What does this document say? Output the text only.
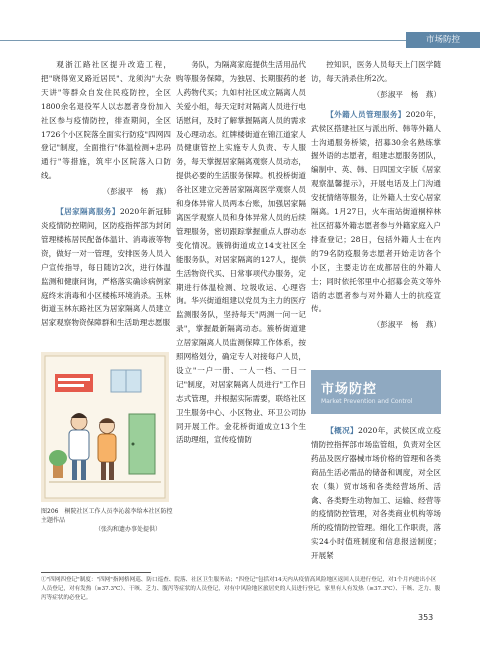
市场防控

观浙江路社区提升改造工程，把"晓得宽叉路近居民"、龙须沟"大杂天讲"等群众自发住民疫防控，全区1800余名退役军人以志愿者身份加入社区参与疫情防控，徘查期间，全区1726个小区院落全面实行防疫"四网四登记"制度，全面推行"体温检测+忠码通行"等措施，筑牢小区院落入口防线。

（彭淑平　杨　燕）

【居家隔离服务】2020年新冠肺炎疫情防控期间，区防疫指挥部为封闭管理楼栋居民配备体温计、消毒液等物资，做好一对一管理，安排医务人员入户宣传指导，每日随访2次，进行体温监测和健康问询，严格落实确诊病例家庭终末消毒和小区楼栋环境消杀。玉林街道玉林东路社区为居家隔离人员建立居家观察物资保障群和生活助理志愿服

图206　桐院社区工作人员李沁蕊李给本社区防控主题作品
（张沟和遗办事处提供）

务队，为隔离家庭提供生活用品代购等服务保障，为独居、长期服药的老人药物代买；九如村社区成立隔离人员关爱小组，每天定时对隔离人员进行电话慰问，及时了解掌握隔离人员的需求及心理动态。红牌楼街道在锦江道家人员健康管控上实施专人负责、专人服务，每天掌握居家隔离观察人员动态，提供必要的生活服务保障。机投桥街道各社区建立完善居家隔离医学观察人员和身体异常人员两本台账，加强居家隔离医学观察人员和身体异常人员的后续管理服务，密切跟踪掌握重点人群动态变化情况。簇锦街道成立14支社区全能服务队，对居家隔离的127人，提供生活物资代买、日常事项代办服务，定期进行体温检测、垃圾收运、心理咨询。华兴街道组建以党员为主力的医疗监测服务队，坚持每天"两测一问一记录"，掌握最新隔离动态。簇桥街道建立居家隔离人员监测保障工作体系，按照网格划分，确定专人对接每户人员，设立"一户一册、一人一档、一日一记"制度，对居家隔离人员进行"工作日志式管理，并根据实际需要，联络社区卫生服务中心、小区物业、环卫公司协同开展工作。金花桥街道成立13个生活助理组，宣传疫情防

控知识，医务人员每天上门医学随访，每天消杀住所2次。

（彭淑平　杨　燕）

【外籍人员管理服务】2020年，武侯区搭建社区与派出所、韩等外籍人士沟通服务桥梁，招募30余名熟练掌握外语的志愿者，组建志愿服务团队，编制中、英、韩、日四国文字版《居家观察温馨提示》，开展电话及上门沟通安抚情绪等服务，让外籍人士安心居家隔离。1月27日，火车南站街道桐梓林社区招募外籍志愿者参与外籍家庭入户排查登记；28日，包括外籍人士在内的79名防疫服务志愿者开始走访各个小区，主要走访在成都居住的外籍人士；同时依托邻里中心招募会英文等外语的志愿者参与对外籍人士的抗疫宣传。

（彭淑平　杨　燕）

市场防控
Market Prevention and Control

【概况】2020年，武侯区成立疫情防控指挥部市场监管组，负责对全区药品及医疗器械市场价格的管理和各类商品生活必需品的储备和调度，对全区农（集）贸市场和各类经营场所、活禽、各类野生动物加工、运输、经营等的疫情防控管理，对各类商业机构等场所的疫情防控管理。细化工作职责，落实24小时值班制度和信息报送制度；开展紧

①"四网四登记"制度："四网"指网格网巡、防口巡查、院落、社区卫生服务站；"四登记"包括对14天内从疫情高风险地区返回人员进行登记，对1个月内进出小区人员登记，对有发热（≥37.3℃）、干咳、乏力、腹泻等症状的人员登记，对有中风险地区旅居史的人员进行登记，家里有人有发热（≥37.3℃）、干咳、乏力、腹泻等症状的必登记。
353
